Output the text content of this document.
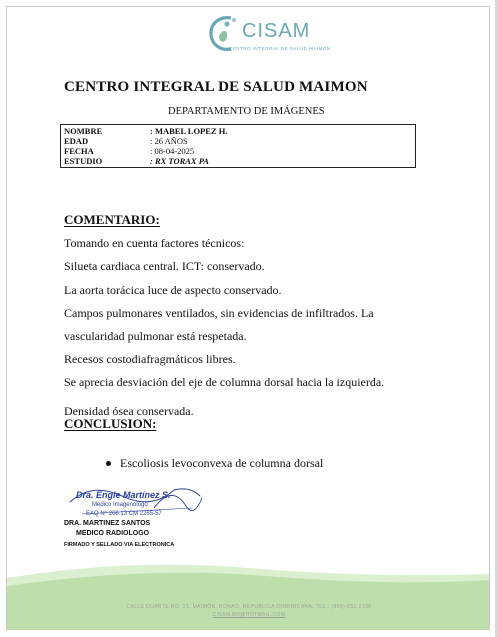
CISAM
CENTRO INTEGRAL DE SALUD MAIMON
CENTRO INTEGRAL DE SALUD MAIMON
DEPARTAMENTO DE IMÁGENES
NOMBRE	: MABEL LOPEZ H.
EDAD	: 26 AÑOS
FECHA	: 08-04-2025
ESTUDIO	: RX TORAX PA
COMENTARIO:
Tomando en cuenta factores técnicos:
Silueta cardiaca central. ICT: conservado.
La aorta torácica luce de aspecto conservado.
Campos pulmonares ventilados, sin evidencias de infiltrados. La
vascularidad pulmonar está respetada.
Recesos costodiafragmáticos libres.
Se aprecia desviación del eje de columna dorsal hacia la izquierda.
Densidad ósea conservada.
CONCLUSION:
Escoliosis levoconvexa de columna dorsal
Dra. Engie Martínez S.
Medico Imagenologo
EXQ N° 206 13 CM 2265-57
DRA. MARTINEZ SANTOS
MEDICO RADIOLOGO
FIRMADO Y SELLADO VIA ELECTRONICA
CALLE DUARTE NO. 15, MAIMÓN, BONAO, REPUBLICA DOMINICANA, TEL.: (809)-551-2196
CISAM.BO@HOTMAIL.COM
